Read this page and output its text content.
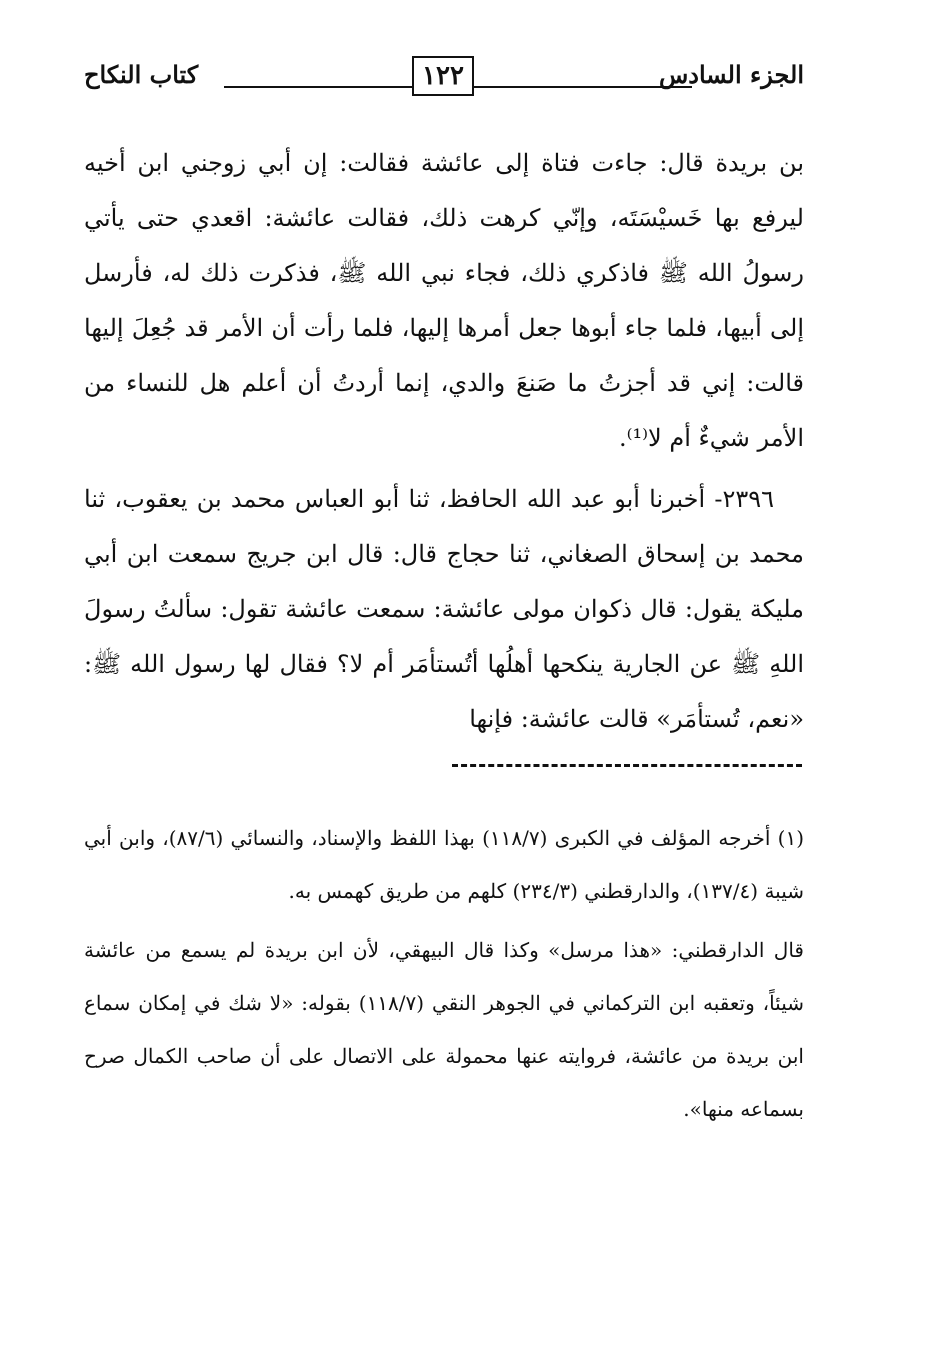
الجزء السادس
١٢٢
كتاب النكاح

بن بريدة قال: جاءت فتاة إلى عائشة فقالت: إن أبي زوجني ابن أخيه ليرفع بها خَسيْسَتَه، وإنّي كرهت ذلك، فقالت عائشة: اقعدي حتى يأتي رسولُ الله ﷺ فاذكري ذلك، فجاء نبي الله ﷺ، فذكرت ذلك له، فأرسل إلى أبيها، فلما جاء أبوها جعل أمرها إليها، فلما رأت أن الأمر قد جُعِلَ إليها قالت: إني قد أجزتُ ما صَنعَ والدي، إنما أردتُ أن أعلم هل للنساء من الأمر شيءٌ أم لا⁽¹⁾.

٢٣٩٦- أخبرنا أبو عبد الله الحافظ، ثنا أبو العباس محمد بن يعقوب، ثنا محمد بن إسحاق الصغاني، ثنا حجاج قال: قال ابن جريج سمعت ابن أبي مليكة يقول: قال ذكوان مولى عائشة: سمعت عائشة تقول: سألتُ رسولَ اللهِ ﷺ عن الجارية ينكحها أهلُها أتُستأمَر أم لا؟ فقال لها رسول الله ﷺ: «نعم، تُستأمَر» قالت عائشة: فإنها

(١) أخرجه المؤلف في الكبرى (١١٨/٧) بهذا اللفظ والإسناد، والنسائي (٨٧/٦)، وابن أبي شيبة (١٣٧/٤)، والدارقطني (٢٣٤/٣) كلهم من طريق كهمس به.

قال الدارقطني: «هذا مرسل» وكذا قال البيهقي، لأن ابن بريدة لم يسمع من عائشة شيئاً، وتعقبه ابن التركماني في الجوهر النقي (١١٨/٧) بقوله: «لا شك في إمكان سماع ابن بريدة من عائشة، فروايته عنها محمولة على الاتصال على أن صاحب الكمال صرح بسماعه منها».
